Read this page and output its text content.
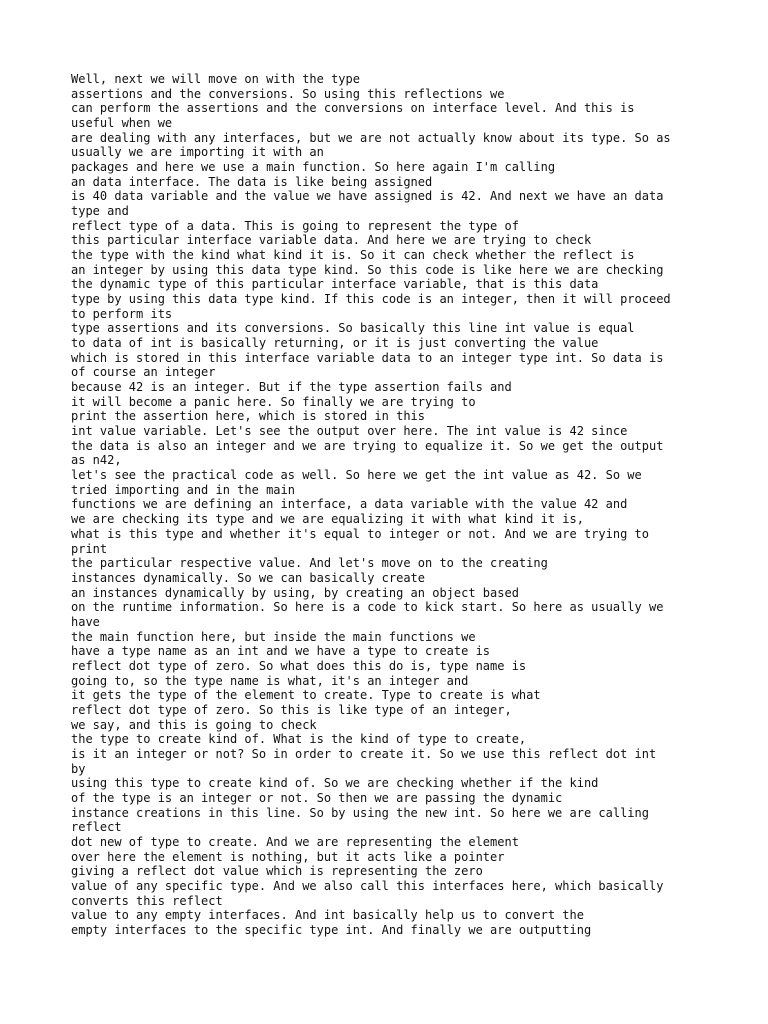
Well, next we will move on with the type
assertions and the conversions. So using this reflections we
can perform the assertions and the conversions on interface level. And this is
useful when we
are dealing with any interfaces, but we are not actually know about its type. So as
usually we are importing it with an
packages and here we use a main function. So here again I'm calling
an data interface. The data is like being assigned
is 40 data variable and the value we have assigned is 42. And next we have an data
type and
reflect type of a data. This is going to represent the type of
this particular interface variable data. And here we are trying to check
the type with the kind what kind it is. So it can check whether the reflect is
an integer by using this data type kind. So this code is like here we are checking
the dynamic type of this particular interface variable, that is this data
type by using this data type kind. If this code is an integer, then it will proceed
to perform its
type assertions and its conversions. So basically this line int value is equal
to data of int is basically returning, or it is just converting the value
which is stored in this interface variable data to an integer type int. So data is
of course an integer
because 42 is an integer. But if the type assertion fails and
it will become a panic here. So finally we are trying to
print the assertion here, which is stored in this
int value variable. Let's see the output over here. The int value is 42 since
the data is also an integer and we are trying to equalize it. So we get the output
as n42,
let's see the practical code as well. So here we get the int value as 42. So we
tried importing and in the main
functions we are defining an interface, a data variable with the value 42 and
we are checking its type and we are equalizing it with what kind it is,
what is this type and whether it's equal to integer or not. And we are trying to
print
the particular respective value. And let's move on to the creating
instances dynamically. So we can basically create
an instances dynamically by using, by creating an object based
on the runtime information. So here is a code to kick start. So here as usually we
have
the main function here, but inside the main functions we
have a type name as an int and we have a type to create is
reflect dot type of zero. So what does this do is, type name is
going to, so the type name is what, it's an integer and
it gets the type of the element to create. Type to create is what
reflect dot type of zero. So this is like type of an integer,
we say, and this is going to check
the type to create kind of. What is the kind of type to create,
is it an integer or not? So in order to create it. So we use this reflect dot int
by
using this type to create kind of. So we are checking whether if the kind
of the type is an integer or not. So then we are passing the dynamic
instance creations in this line. So by using the new int. So here we are calling
reflect
dot new of type to create. And we are representing the element
over here the element is nothing, but it acts like a pointer
giving a reflect dot value which is representing the zero
value of any specific type. And we also call this interfaces here, which basically
converts this reflect
value to any empty interfaces. And int basically help us to convert the
empty interfaces to the specific type int. And finally we are outputting
